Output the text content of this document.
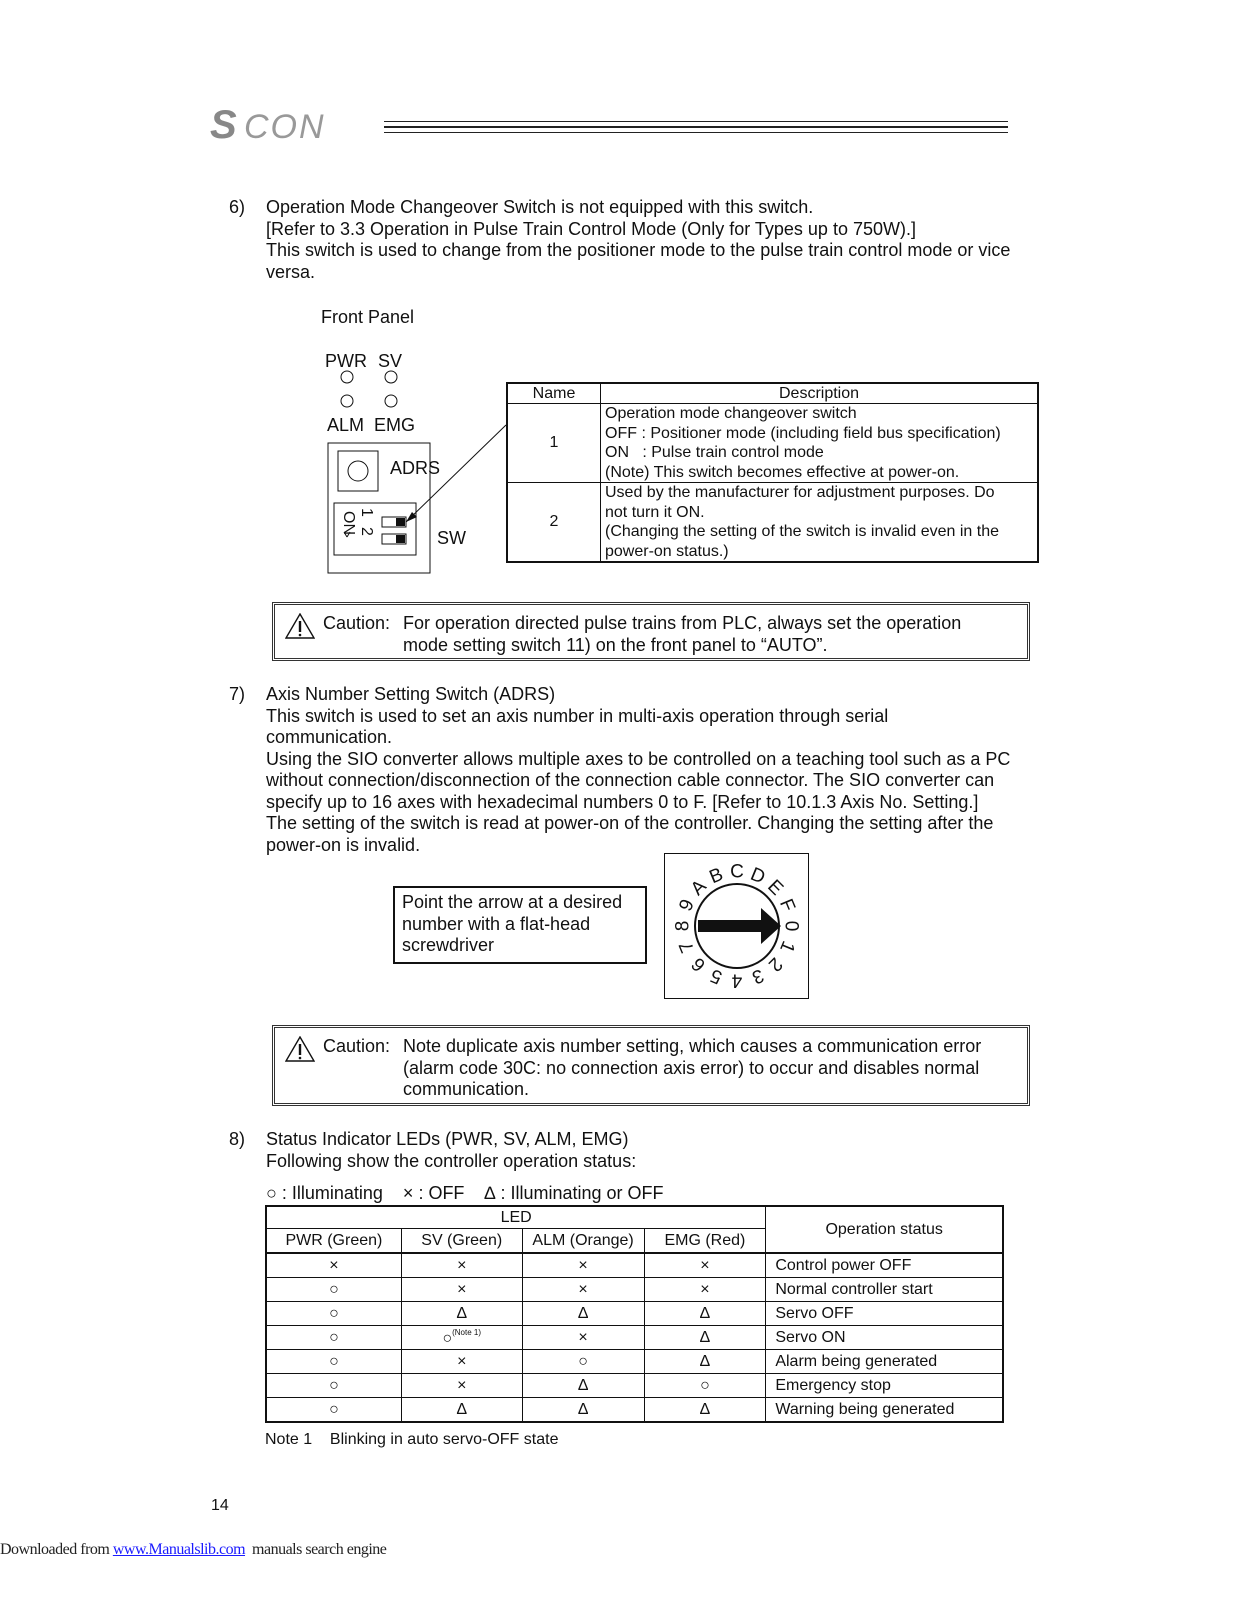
S CON
6) Operation Mode Changeover Switch is not equipped with this switch.
[Refer to 3.3 Operation in Pulse Train Control Mode (Only for Types up to 750W).]
This switch is used to change from the positioner mode to the pulse train control mode or vice
versa.
Front Panel
PWR SV
ALM EMG
ADRS
ON 1
2	SW
Name	Description
1	Operation mode changeover switch
OFF : Positioner mode (including field bus specification)
ON   : Pulse train control mode
(Note) This switch becomes effective at power-on.

2	Used by the manufacturer for adjustment purposes. Do
not turn it ON.
(Changing the setting of the switch is invalid even in the
power-on status.)
Caution: For operation directed pulse trains from PLC, always set the operation
mode setting switch 11) on the front panel to “AUTO”.
7) Axis Number Setting Switch (ADRS)
This switch is used to set an axis number in multi-axis operation through serial
communication.
Using the SIO converter allows multiple axes to be controlled on a teaching tool such as a PC
without connection/disconnection of the connection cable connector. The SIO converter can
specify up to 16 axes with hexadecimal numbers 0 to F. [Refer to 10.1.3 Axis No. Setting.]
The setting of the switch is read at power-on of the controller. Changing the setting after the
power-on is invalid.
Point the arrow at a desired
number with a flat-head
screwdriver
0
1
2
3
4
5
6
7
8
9
A
B C D
E
F
Caution: Note duplicate axis number setting, which causes a communication error
(alarm code 30C: no connection axis error) to occur and disables normal
communication.
8) Status Indicator LEDs (PWR, SV, ALM, EMG)
Following show the controller operation status:
○ : Illuminating    × : OFF    ∆ : Illuminating or OFF
LED				Operation status
PWR (Green)	SV (Green)	ALM (Orange)	EMG (Red)	
×	×	×	×	Control power OFF
○	×	×	×	Normal controller start
○	∆	∆	∆	Servo OFF
○	○$^{(Note 1)}$	×	∆	Servo ON
○	×	○	∆	Alarm being generated
○	×	∆	○	Emergency stop
○	∆	∆	∆	Warning being generated
Note 1    Blinking in auto servo-OFF state
14
Downloaded from www.Manualslib.com  manuals search engine
